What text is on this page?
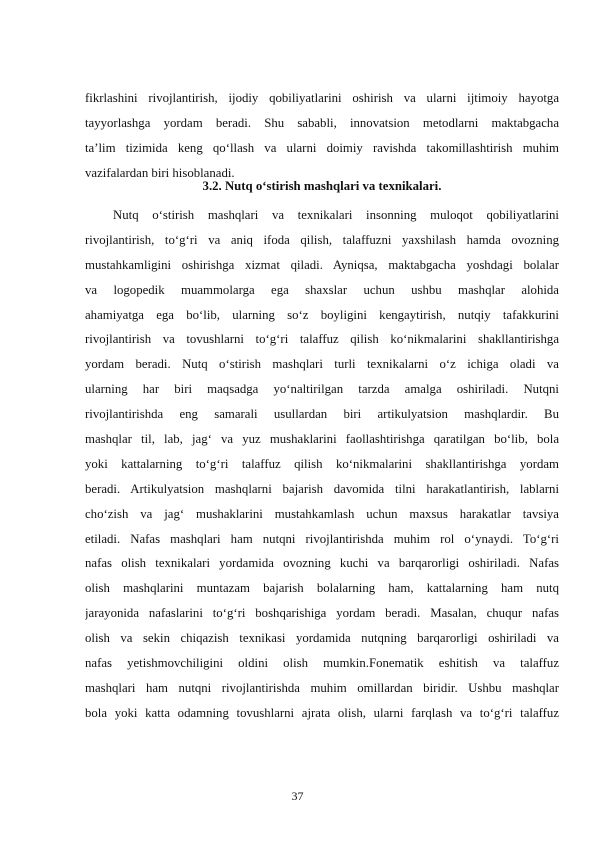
fikrlashini rivojlantirish, ijodiy qobiliyatlarini oshirish va ularni ijtimoiy hayotga
tayyorlashga yordam beradi. Shu sababli, innovatsion metodlarni maktabgacha
ta’lim tizimida keng qo‘llash va ularni doimiy ravishda takomillashtirish muhim
vazifalardan biri hisoblanadi.
3.2. Nutq o‘stirish mashqlari va texnikalari.
Nutq o‘stirish mashqlari va texnikalari insonning muloqot qobiliyatlarini
rivojlantirish, to‘g‘ri va aniq ifoda qilish, talaffuzni yaxshilash hamda ovozning
mustahkamligini oshirishga xizmat qiladi. Ayniqsa, maktabgacha yoshdagi bolalar
va logopedik muammolarga ega shaxslar uchun ushbu mashqlar alohida
ahamiyatga ega bo‘lib, ularning so‘z boyligini kengaytirish, nutqiy tafakkurini
rivojlantirish va tovushlarni to‘g‘ri talaffuz qilish ko‘nikmalarini shakllantirishga
yordam beradi. Nutq o‘stirish mashqlari turli texnikalarni o‘z ichiga oladi va
ularning har biri maqsadga yo‘naltirilgan tarzda amalga oshiriladi. Nutqni
rivojlantirishda eng samarali usullardan biri artikulyatsion mashqlardir. Bu
mashqlar til, lab, jag‘ va yuz mushaklarini faollashtirishga qaratilgan bo‘lib, bola
yoki kattalarning to‘g‘ri talaffuz qilish ko‘nikmalarini shakllantirishga yordam
beradi. Artikulyatsion mashqlarni bajarish davomida tilni harakatlantirish, lablarni
cho‘zish va jag‘ mushaklarini mustahkamlash uchun maxsus harakatlar tavsiya
etiladi. Nafas mashqlari ham nutqni rivojlantirishda muhim rol o‘ynaydi. To‘g‘ri
nafas olish texnikalari yordamida ovozning kuchi va barqarorligi oshiriladi. Nafas
olish mashqlarini muntazam bajarish bolalarning ham, kattalarning ham nutq
jarayonida nafaslarini to‘g‘ri boshqarishiga yordam beradi. Masalan, chuqur nafas
olish va sekin chiqazish texnikasi yordamida nutqning barqarorligi oshiriladi va
nafas yetishmovchiligini oldini olish mumkin.Fonematik eshitish va talaffuz
mashqlari ham nutqni rivojlantirishda muhim omillardan biridir. Ushbu mashqlar
bola yoki katta odamning tovushlarni ajrata olish, ularni farqlash va to‘g‘ri talaffuz
37
